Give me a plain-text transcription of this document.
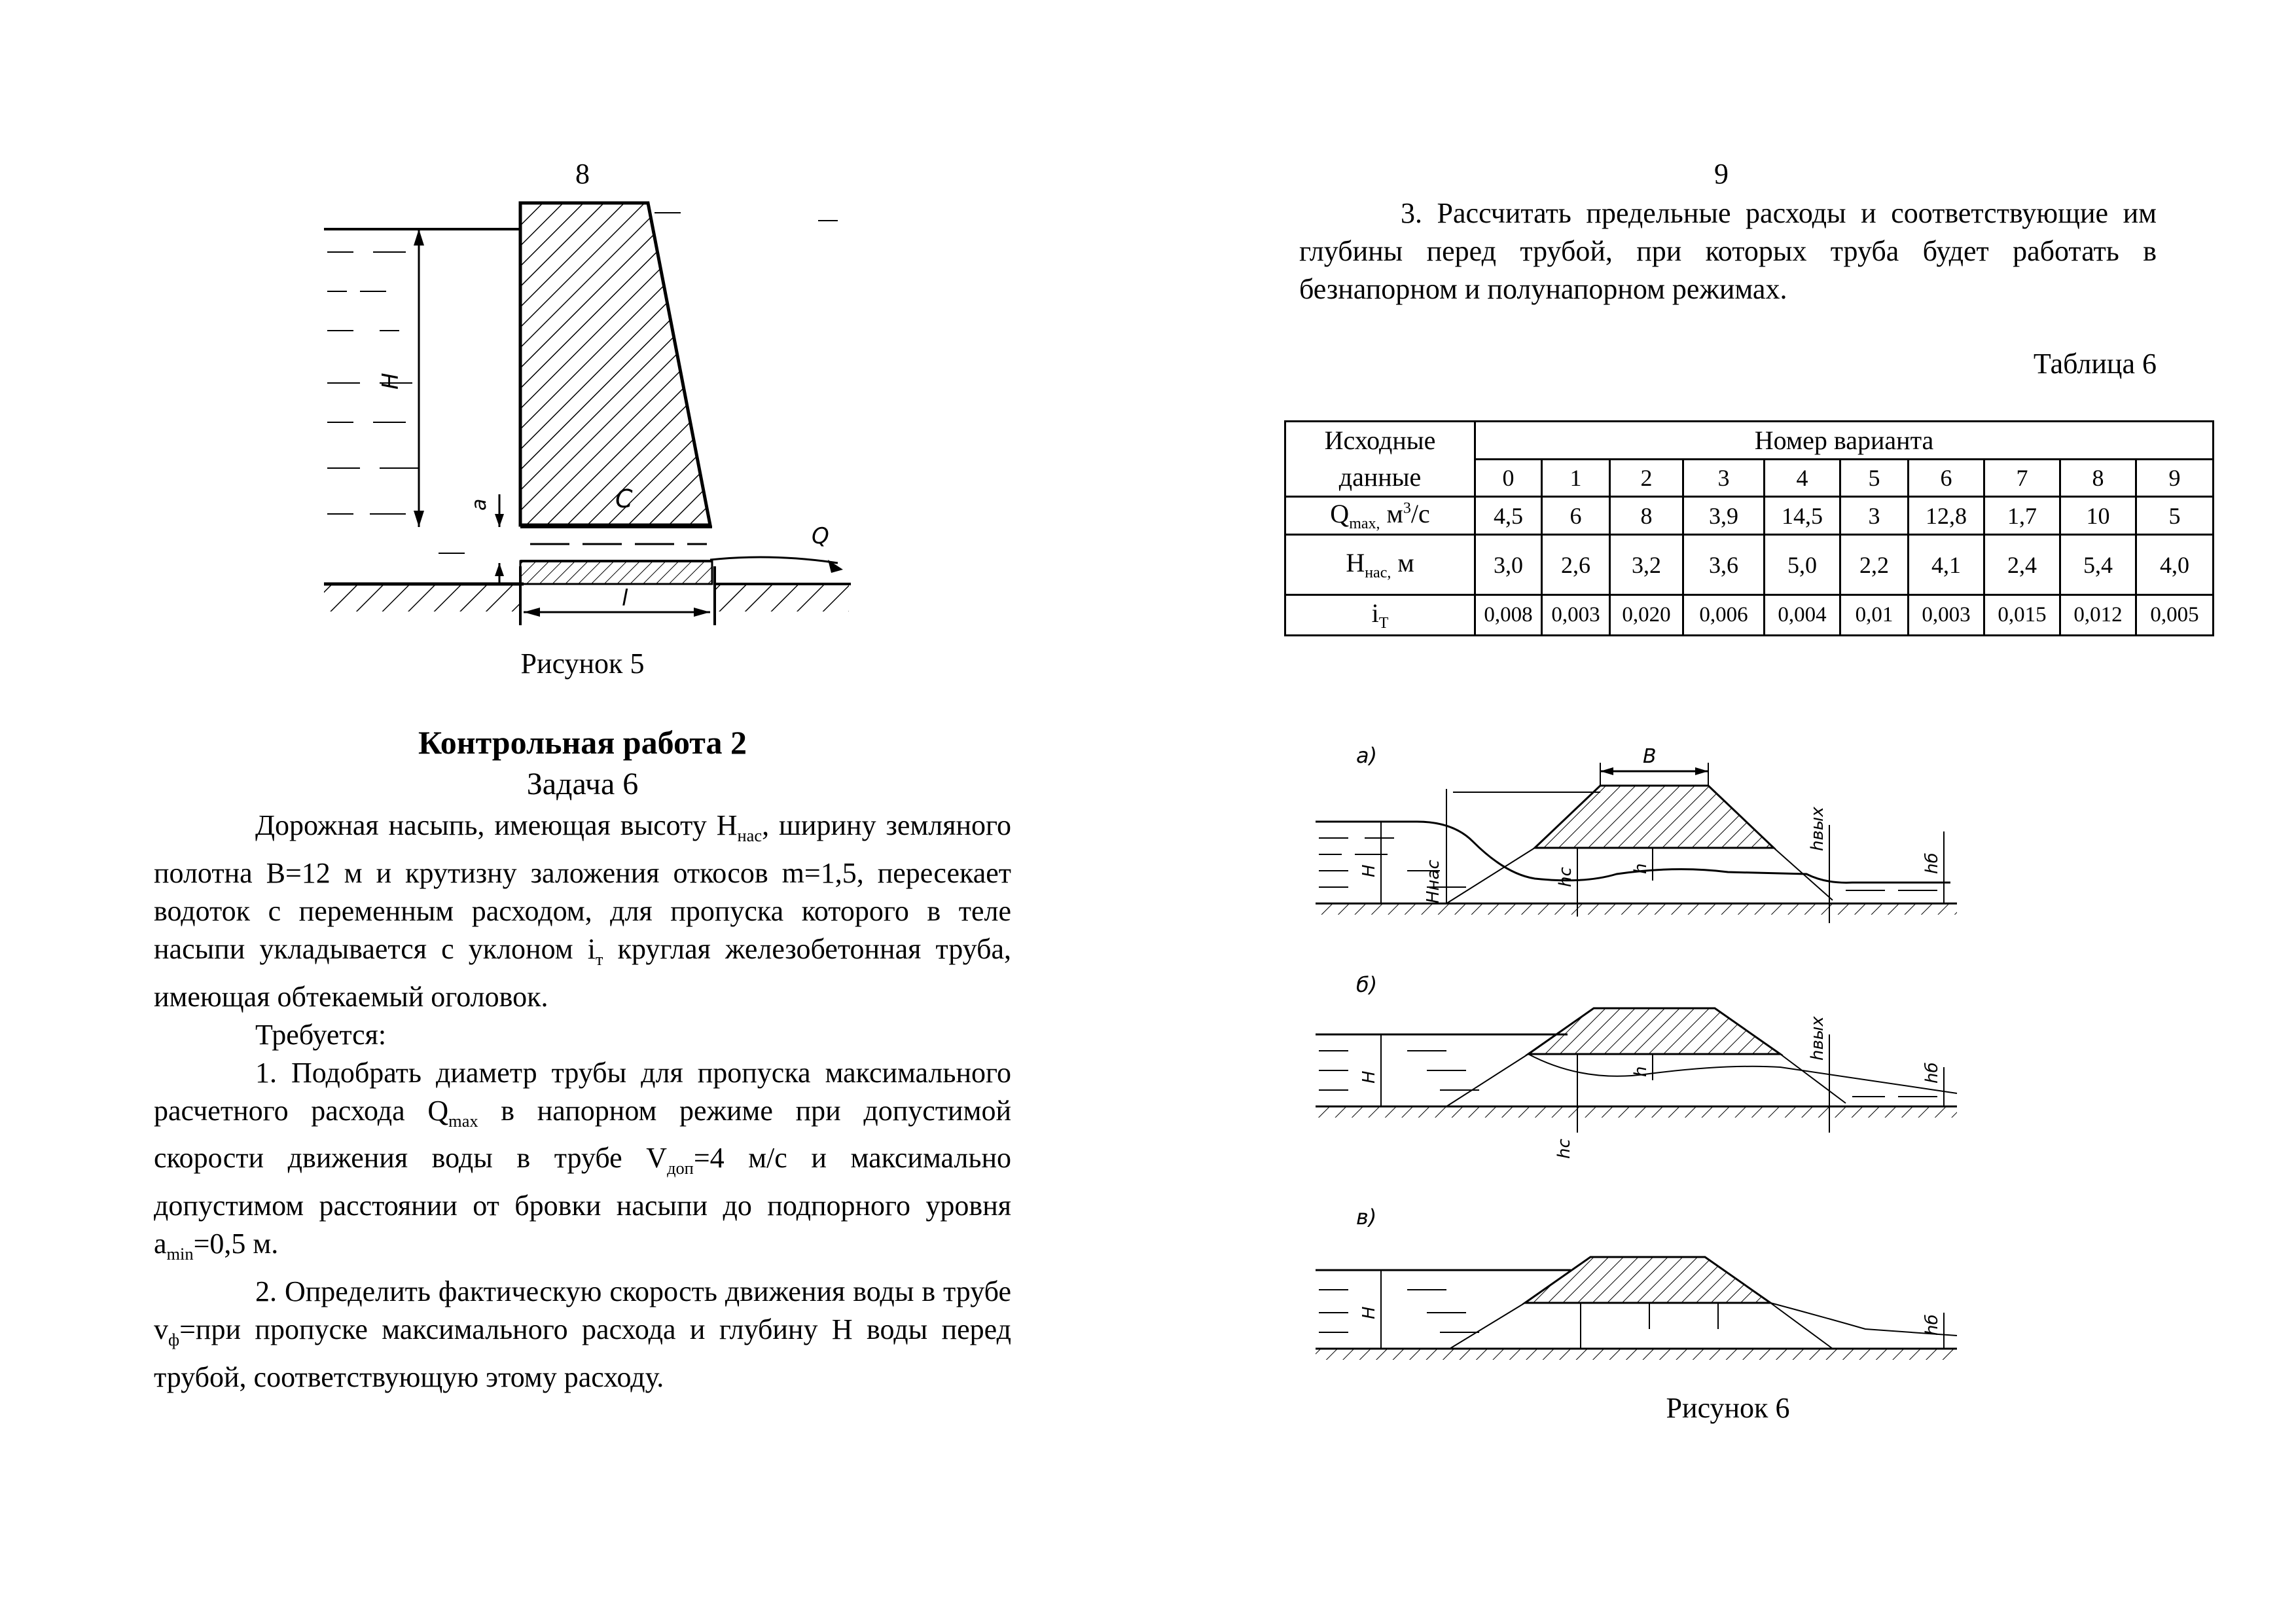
8
H
a	C
Q
l
Рисунок 5
Контрольная работа 2
Задача 6

Дорожная насыпь, имеющая высоту $H_{нас}$, ширину земляного полотна B=12 м и крутизну заложения откосов m=1,5, пересекает водоток с переменным расходом, для пропуска которого в теле насыпи укладывается с уклоном $i_т$ круглая железобетонная труба, имеющая обтекаемый оголовок.

Требуется:

1. Подобрать диаметр трубы для пропуска максимального расчетного расхода $Q_{max}$ в напорном режиме при допустимой скорости движения воды в трубе $V_{доп}=4$ м/с и максимально допустимом расстоянии от бровки насыпи до подпорного уровня $a_{min}=0,5$ м.

2. Определить фактическую скорость движения воды в трубе $v_ф=при$ пропуске максимального расхода и глубину H воды перед трубой, соответствующую этому расходу.

9

3. Рассчитать предельные расходы и соответствующие им глубины перед трубой, при которых труба будет работать в безнапорном и полунапорном режимах.

Таблица 6
Исходные
данные	Номер варианта									
	0	1	2	3	4	5	6	7	8	9
$Q_{max,}$ $м^3/с$	4,5	6	8	3,9	14,5	3	12,8	1,7	10	5
$H_{нас,}$ м	3,0	2,6	3,2	3,6	5,0	2,2	4,1	2,4	5,4	4,0
$i_T$	0,008	0,003	0,020	0,006	0,004	0,01	0,003	0,015	0,012	0,005
а)	B
H	Hнас	hc	h
hвых
hб
б)
H
hc
h
hвых
hб
в)
H
hб
Рисунок 6
